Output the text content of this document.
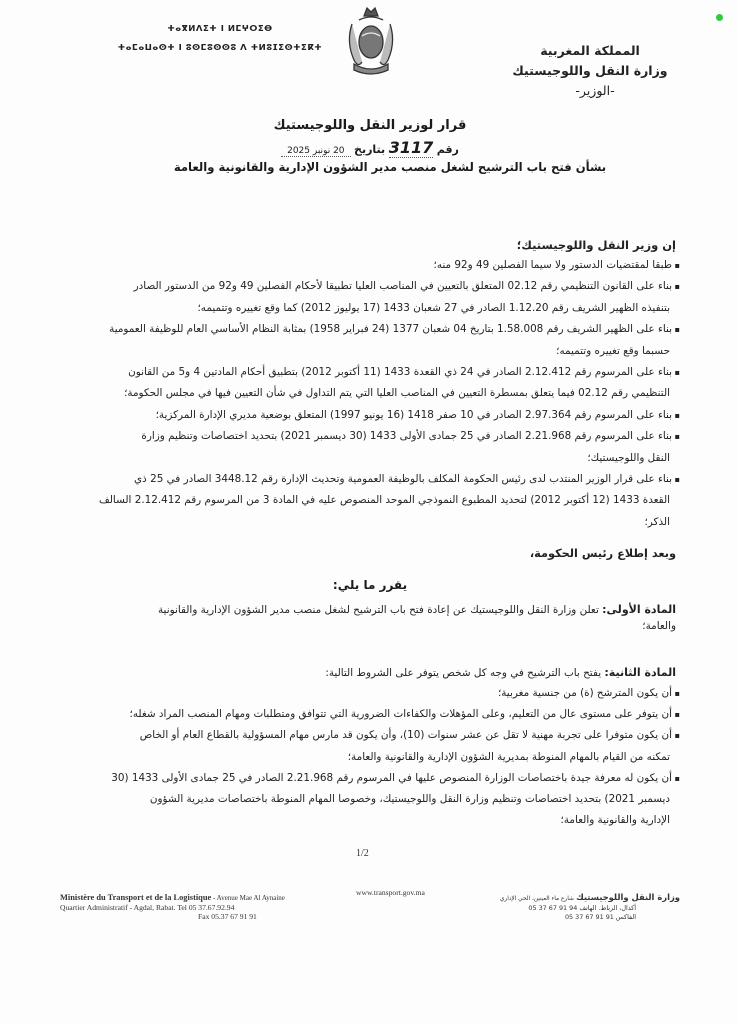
ⵜⴰⴳⵍⴷⵉⵜ ⵏ ⵍⵎⵖⵔⵉⴱ
ⵜⴰⵎⴰⵡⴰⵙⵜ ⵏ ⵓⵙⵎⵓⵙⵙⵓ ⴷ ⵜⵍⵓⵊⵉⵙⵜⵉⴽⵜ	المملكة المغربية
وزارة النقل واللوجيستيك
-الوزير-
قرار لوزير النقل واللوجيستيك
رقم 3117 بتاريخ 20 نونبر 2025
بشأن فتح باب الترشيح لشغل منصب مدير الشؤون الإدارية والقانونية والعامة
إن وزير النقل واللوجيستيك؛
▪ طبقا لمقتضيات الدستور ولا سيما الفصلين 49 و92 منه؛
▪ بناء على القانون التنظيمي رقم 02.12 المتعلق بالتعيين في المناصب العليا تطبيقا لأحكام الفصلين 49 و92 من الدستور الصادر
بتنفيذه الظهير الشريف رقم 1.12.20 الصادر في 27 شعبان 1433 (17 يوليوز 2012) كما وقع تغييره وتتميمه؛
▪ بناء على الظهير الشريف رقم 1.58.008 بتاريخ 04 شعبان 1377 (24 فبراير 1958) بمثابة النظام الأساسي العام للوظيفة العمومية
حسبما وقع تغييره وتتميمه؛
▪ بناء على المرسوم رقم 2.12.412 الصادر في 24 ذي القعدة 1433 (11 أكتوبر 2012) بتطبيق أحكام المادتين 4 و5 من القانون
التنظيمي رقم 02.12 فيما يتعلق بمسطرة التعيين في المناصب العليا التي يتم التداول في شأن التعيين فيها في مجلس الحكومة؛
▪ بناء على المرسوم رقم 2.97.364 الصادر في 10 صفر 1418 (16 يونيو 1997) المتعلق بوضعية مديري الإدارة المركزية؛
▪ بناء على المرسوم رقم 2.21.968 الصادر في 25 جمادى الأولى 1433 (30 ديسمبر 2021) بتحديد اختصاصات وتنظيم وزارة
النقل واللوجيستيك؛
▪ بناء على قرار الوزير المنتدب لدى رئيس الحكومة المكلف بالوظيفة العمومية وتحديث الإدارة رقم 3448.12 الصادر في 25 ذي
القعدة 1433 (12 أكتوبر 2012) لتحديد المطبوع النموذجي الموحد المنصوص عليه في المادة 3 من المرسوم رقم 2.12.412 السالف
الذكر؛
وبعد إطلاع رئيس الحكومة،
يقرر ما يلي:
المادة الأولى: تعلن وزارة النقل واللوجيستيك عن إعادة فتح باب الترشيح لشغل منصب مدير الشؤون الإدارية والقانونية
والعامة؛
المادة الثانية: يفتح باب الترشيح في وجه كل شخص يتوفر على الشروط التالية:
▪ أن يكون المترشح (ة) من جنسية مغربية؛
▪ أن يتوفر على مستوى عال من التعليم، وعلى المؤهلات والكفاءات الضرورية التي تتوافق ومتطلبات ومهام المنصب المراد شغله؛
▪ أن يكون متوفرا على تجربة مهنية لا تقل عن عشر سنوات (10)، وأن يكون قد مارس مهام المسؤولية بالقطاع العام أو الخاص
تمكنه من القيام بالمهام المنوطة بمديرية الشؤون الإدارية والقانونية والعامة؛
▪ أن يكون له معرفة جيدة باختصاصات الوزارة المنصوص عليها في المرسوم رقم 2.21.968 الصادر في 25 جمادى الأولى 1433 (30
ديسمبر 2021) بتحديد اختصاصات وتنظيم وزارة النقل واللوجيستيك، وخصوصا المهام المنوطة باختصاصات مديرية الشؤون
الإدارية والقانونية والعامة؛
1/2
Ministère du Transport et de la Logistique - Avenue Mae Al Aynaine
Quartier Administratif - Agdal, Rabat. Tel 05 37.67.92.94
Fax 05.37 67 91 91
www.transport.gov.ma	وزارة النقل واللوجيستيك شارع ماء العينين، الحي الإداري
أكدال، الرباط. الهاتف 94 91 67 37 05
الفاكس 91 91 67 37 05
